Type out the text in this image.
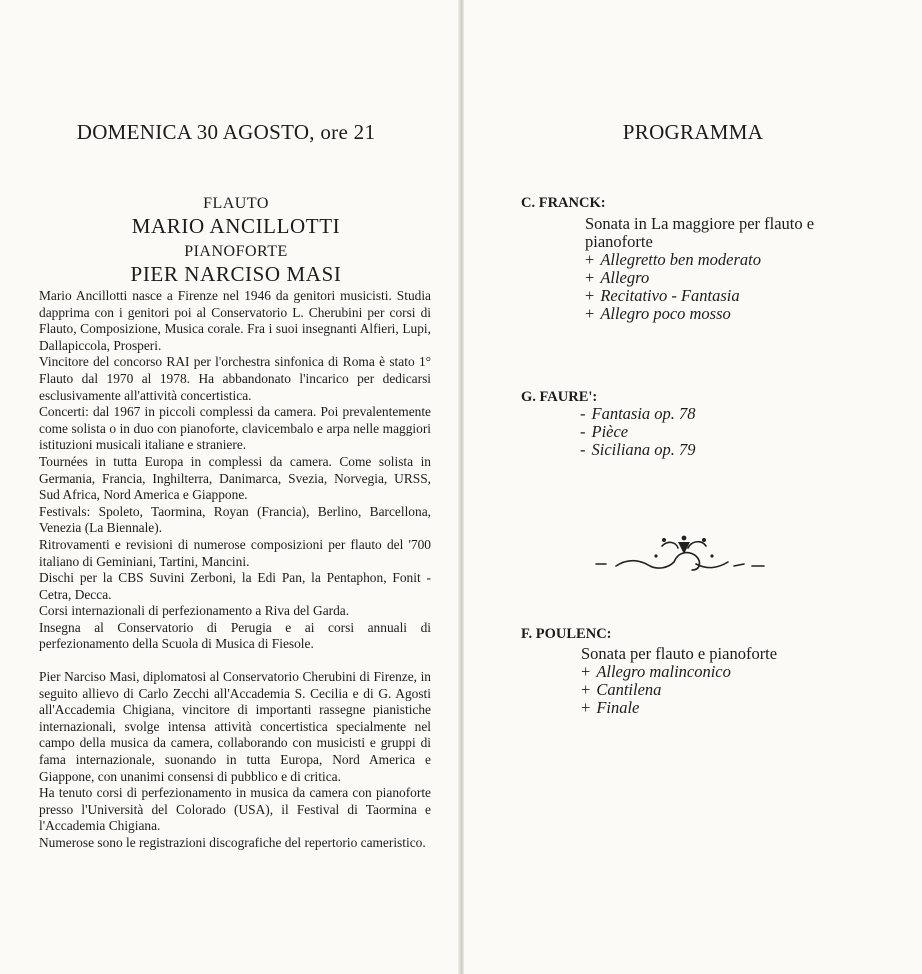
DOMENICA 30 AGOSTO, ore 21
FLAUTO
MARIO ANCILLOTTI
PIANOFORTE
PIER NARCISO MASI

Mario Ancillotti nasce a Firenze nel 1946 da genitori musicisti. Studia dapprima con i genitori poi al Conservatorio L. Cherubini per corsi di Flauto, Composizione, Musica corale. Fra i suoi insegnanti Alfieri, Lupi, Dallapiccola, Prosperi.

Vincitore del concorso RAI per l'orchestra sinfonica di Roma è stato 1° Flauto dal 1970 al 1978. Ha abbandonato l'incarico per dedicarsi esclusivamente all'attività concertistica.

Concerti: dal 1967 in piccoli complessi da camera. Poi prevalentemente come solista o in duo con pianoforte, clavicembalo e arpa nelle maggiori istituzioni musicali italiane e straniere.

Tournées in tutta Europa in complessi da camera. Come solista in Germania, Francia, Inghilterra, Danimarca, Svezia, Norvegia, URSS, Sud Africa, Nord America e Giappone.

Festivals: Spoleto, Taormina, Royan (Francia), Berlino, Barcellona, Venezia (La Biennale).

Ritrovamenti e revisioni di numerose composizioni per flauto del '700 italiano di Geminiani, Tartini, Mancini.

Dischi per la CBS Suvini Zerboni, la Edi Pan, la Pentaphon, Fonit - Cetra, Decca.

Corsi internazionali di perfezionamento a Riva del Garda.

Insegna al Conservatorio di Perugia e ai corsi annuali di perfezionamento della Scuola di Musica di Fiesole.

Pier Narciso Masi, diplomatosi al Conservatorio Cherubini di Firenze, in seguito allievo di Carlo Zecchi all'Accademia S. Cecilia e di G. Agosti all'Accademia Chigiana, vincitore di importanti rassegne pianistiche internazionali, svolge intensa attività concertistica specialmente nel campo della musica da camera, collaborando con musicisti e gruppi di fama internazionale, suonando in tutta Europa, Nord America e Giappone, con unanimi consensi di pubblico e di critica.

Ha tenuto corsi di perfezionamento in musica da camera con pianoforte presso l'Università del Colorado (USA), il Festival di Taormina e l'Accademia Chigiana.

Numerose sono le registrazioni discografiche del repertorio cameristico.

PROGRAMMA
C. FRANCK:

Sonata in La maggiore per flauto e

pianoforte

+ Allegretto ben moderato

+ Allegro

+ Recitativo - Fantasia

+ Allegro poco mosso

G. FAURE':

- Fantasia op. 78

- Pièce

- Siciliana op. 79

F. POULENC:

Sonata per flauto e pianoforte

+ Allegro malinconico

+ Cantilena

+ Finale
